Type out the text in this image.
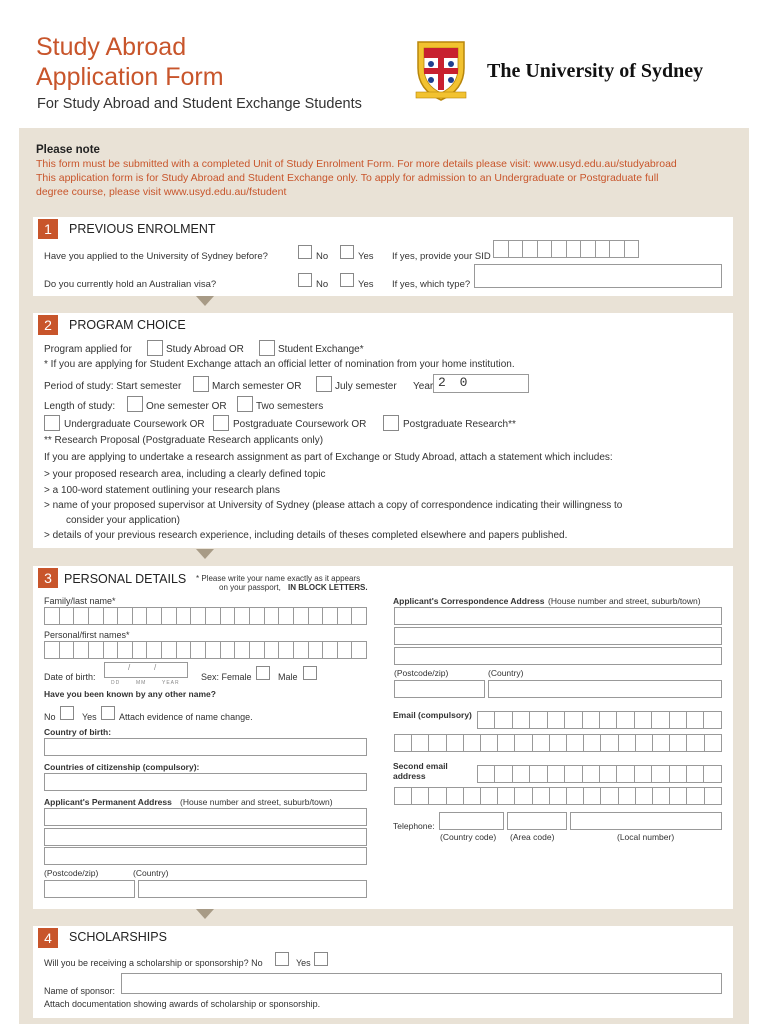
Study Abroad
Application Form
For Study Abroad and Student Exchange Students
The University of Sydney
Please note
This form must be submitted with a completed Unit of Study Enrolment Form. For more details please visit: www.usyd.edu.au/studyabroad
This application form is for Study Abroad and Student Exchange only. To apply for admission to an Undergraduate or Postgraduate full
degree course, please visit www.usyd.edu.au/fstudent
1	PREVIOUS ENROLMENT
Have you applied to the University of Sydney before?	No	Yes If yes, provide your SID
Do you currently hold an Australian visa?	No	Yes If yes, which type?
2	PROGRAM CHOICE
Program applied for	Study Abroad OR	Student Exchange*
* If you are applying for Student Exchange attach an official letter of nomination from your home institution.
Period of study: Start semester	March semester OR	July semester Year 2 0
Length of study:	One semester OR	Two semesters
Undergraduate Coursework OR	Postgraduate Coursework OR	Postgraduate Research**
** Research Proposal (Postgraduate Research applicants only)
If you are applying to undertake a research assignment as part of Exchange or Study Abroad, attach a statement which includes:
> your proposed research area, including a clearly defined topic
> a 100-word statement outlining your research plans
> name of your proposed supervisor at University of Sydney (please attach a copy of correspondence indicating their willingness to
consider your application)
> details of your previous research experience, including details of theses completed elsewhere and papers published.
3 PERSONAL DETAILS * Please write your name exactly as it appears
on your passport, IN BLOCK LETTERS.
Family/last name*
Personal/first names*
Date of birth:
/	/
DD	MM	YEAR
Sex: Female	Male
Have you been known by any other name?
No	Yes Attach evidence of name change.
Country of birth:
Countries of citizenship (compulsory):
Applicant's Permanent Address (House number and street, suburb/town)
(Postcode/zip)	(Country)
Applicant's Correspondence Address (House number and street, suburb/town)
(Postcode/zip)	(Country)
Email (compulsory)
Second email
address
Telephone:
(Country code) (Area code)	(Local number)
4	SCHOLARSHIPS
Will you be receiving a scholarship or sponsorship? No	Yes
Name of sponsor:
Attach documentation showing awards of scholarship or sponsorship.
